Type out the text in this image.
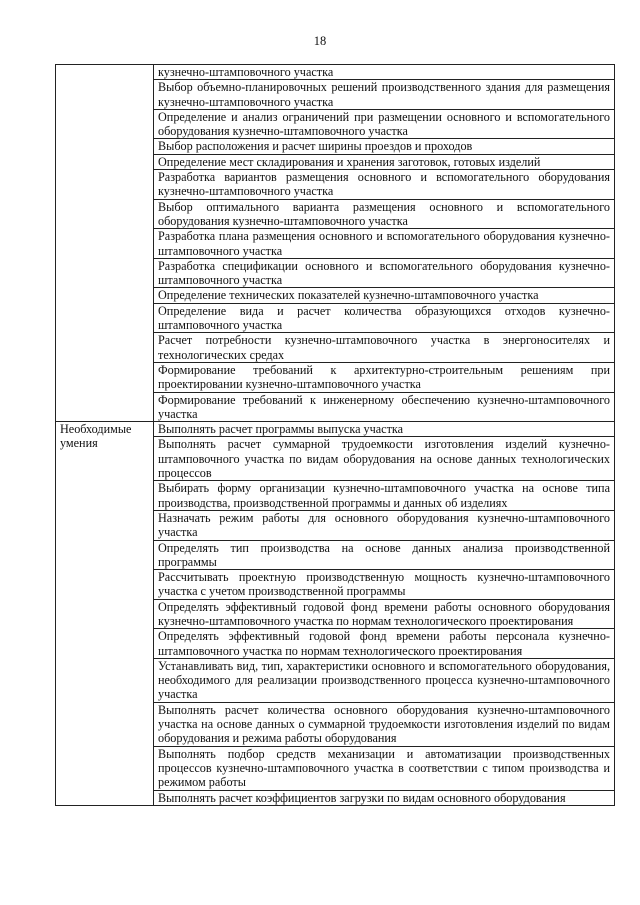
18

	кузнечно-штамповочного участка

	Выбор объемно-планировочных решений производственного здания для размещения кузнечно-штамповочного участка

	Определение и анализ ограничений при размещении основного и вспомогательного оборудования кузнечно-штамповочного участка

	Выбор расположения и расчет ширины проездов и проходов

	Определение мест складирования и хранения заготовок, готовых изделий

	Разработка вариантов размещения основного и вспомогательного оборудования кузнечно-штамповочного участка

	Выбор оптимального варианта размещения основного и вспомогательного оборудования кузнечно-штамповочного участка

	Разработка плана размещения основного и вспомогательного оборудования кузнечно-штамповочного участка

	Разработка спецификации основного и вспомогательного оборудования кузнечно-штамповочного участка

	Определение технических показателей кузнечно-штамповочного участка

	Определение вида и расчет количества образующихся отходов кузнечно-штамповочного участка

	Расчет потребности кузнечно-штамповочного участка в энергоносителях и технологических средах

	Формирование требований к архитектурно-строительным решениям при проектировании кузнечно-штамповочного участка

	Формирование требований к инженерному обеспечению кузнечно-штамповочного участка

Необходимые
умения	Выполнять расчет программы выпуска участка

	Выполнять расчет суммарной трудоемкости изготовления изделий кузнечно-штамповочного участка по видам оборудования на основе данных технологических процессов

	Выбирать форму организации кузнечно-штамповочного участка на основе типа производства, производственной программы и данных об изделиях

	Назначать режим работы для основного оборудования кузнечно-штамповочного участка

	Определять тип производства на основе данных анализа производственной программы

	Рассчитывать проектную производственную мощность кузнечно-штамповочного участка с учетом производственной программы

	Определять эффективный годовой фонд времени работы основного оборудования кузнечно-штамповочного участка по нормам технологического проектирования

	Определять эффективный годовой фонд времени работы персонала кузнечно-штамповочного участка по нормам технологического проектирования

	Устанавливать вид, тип, характеристики основного и вспомогательного оборудования, необходимого для реализации производственного процесса кузнечно-штамповочного участка

	Выполнять расчет количества основного оборудования кузнечно-штамповочного участка на основе данных о суммарной трудоемкости изготовления изделий по видам оборудования и режима работы оборудования

	Выполнять подбор средств механизации и автоматизации производственных процессов кузнечно-штамповочного участка в соответствии с типом производства и режимом работы

	Выполнять расчет коэффициентов загрузки по видам основного оборудования
